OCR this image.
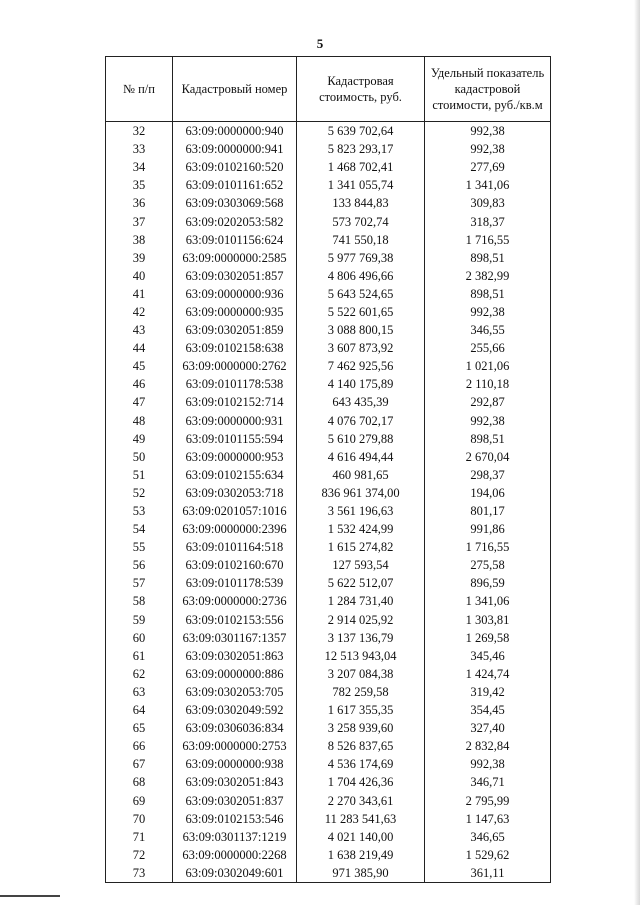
5
№ п/п	Кадастровый номер	Кадастровая стоимость, руб.	Удельный показатель кадастровой стоимости, руб./кв.м
32	63:09:0000000:940	5 639 702,64	992,38
33	63:09:0000000:941	5 823 293,17	992,38
34	63:09:0102160:520	1 468 702,41	277,69
35	63:09:0101161:652	1 341 055,74	1 341,06
36	63:09:0303069:568	133 844,83	309,83
37	63:09:0202053:582	573 702,74	318,37
38	63:09:0101156:624	741 550,18	1 716,55
39	63:09:0000000:2585	5 977 769,38	898,51
40	63:09:0302051:857	4 806 496,66	2 382,99
41	63:09:0000000:936	5 643 524,65	898,51
42	63:09:0000000:935	5 522 601,65	992,38
43	63:09:0302051:859	3 088 800,15	346,55
44	63:09:0102158:638	3 607 873,92	255,66
45	63:09:0000000:2762	7 462 925,56	1 021,06
46	63:09:0101178:538	4 140 175,89	2 110,18
47	63:09:0102152:714	643 435,39	292,87
48	63:09:0000000:931	4 076 702,17	992,38
49	63:09:0101155:594	5 610 279,88	898,51
50	63:09:0000000:953	4 616 494,44	2 670,04
51	63:09:0102155:634	460 981,65	298,37
52	63:09:0302053:718	836 961 374,00	194,06
53	63:09:0201057:1016	3 561 196,63	801,17
54	63:09:0000000:2396	1 532 424,99	991,86
55	63:09:0101164:518	1 615 274,82	1 716,55
56	63:09:0102160:670	127 593,54	275,58
57	63:09:0101178:539	5 622 512,07	896,59
58	63:09:0000000:2736	1 284 731,40	1 341,06
59	63:09:0102153:556	2 914 025,92	1 303,81
60	63:09:0301167:1357	3 137 136,79	1 269,58
61	63:09:0302051:863	12 513 943,04	345,46
62	63:09:0000000:886	3 207 084,38	1 424,74
63	63:09:0302053:705	782 259,58	319,42
64	63:09:0302049:592	1 617 355,35	354,45
65	63:09:0306036:834	3 258 939,60	327,40
66	63:09:0000000:2753	8 526 837,65	2 832,84
67	63:09:0000000:938	4 536 174,69	992,38
68	63:09:0302051:843	1 704 426,36	346,71
69	63:09:0302051:837	2 270 343,61	2 795,99
70	63:09:0102153:546	11 283 541,63	1 147,63
71	63:09:0301137:1219	4 021 140,00	346,65
72	63:09:0000000:2268	1 638 219,49	1 529,62
73	63:09:0302049:601	971 385,90	361,11
